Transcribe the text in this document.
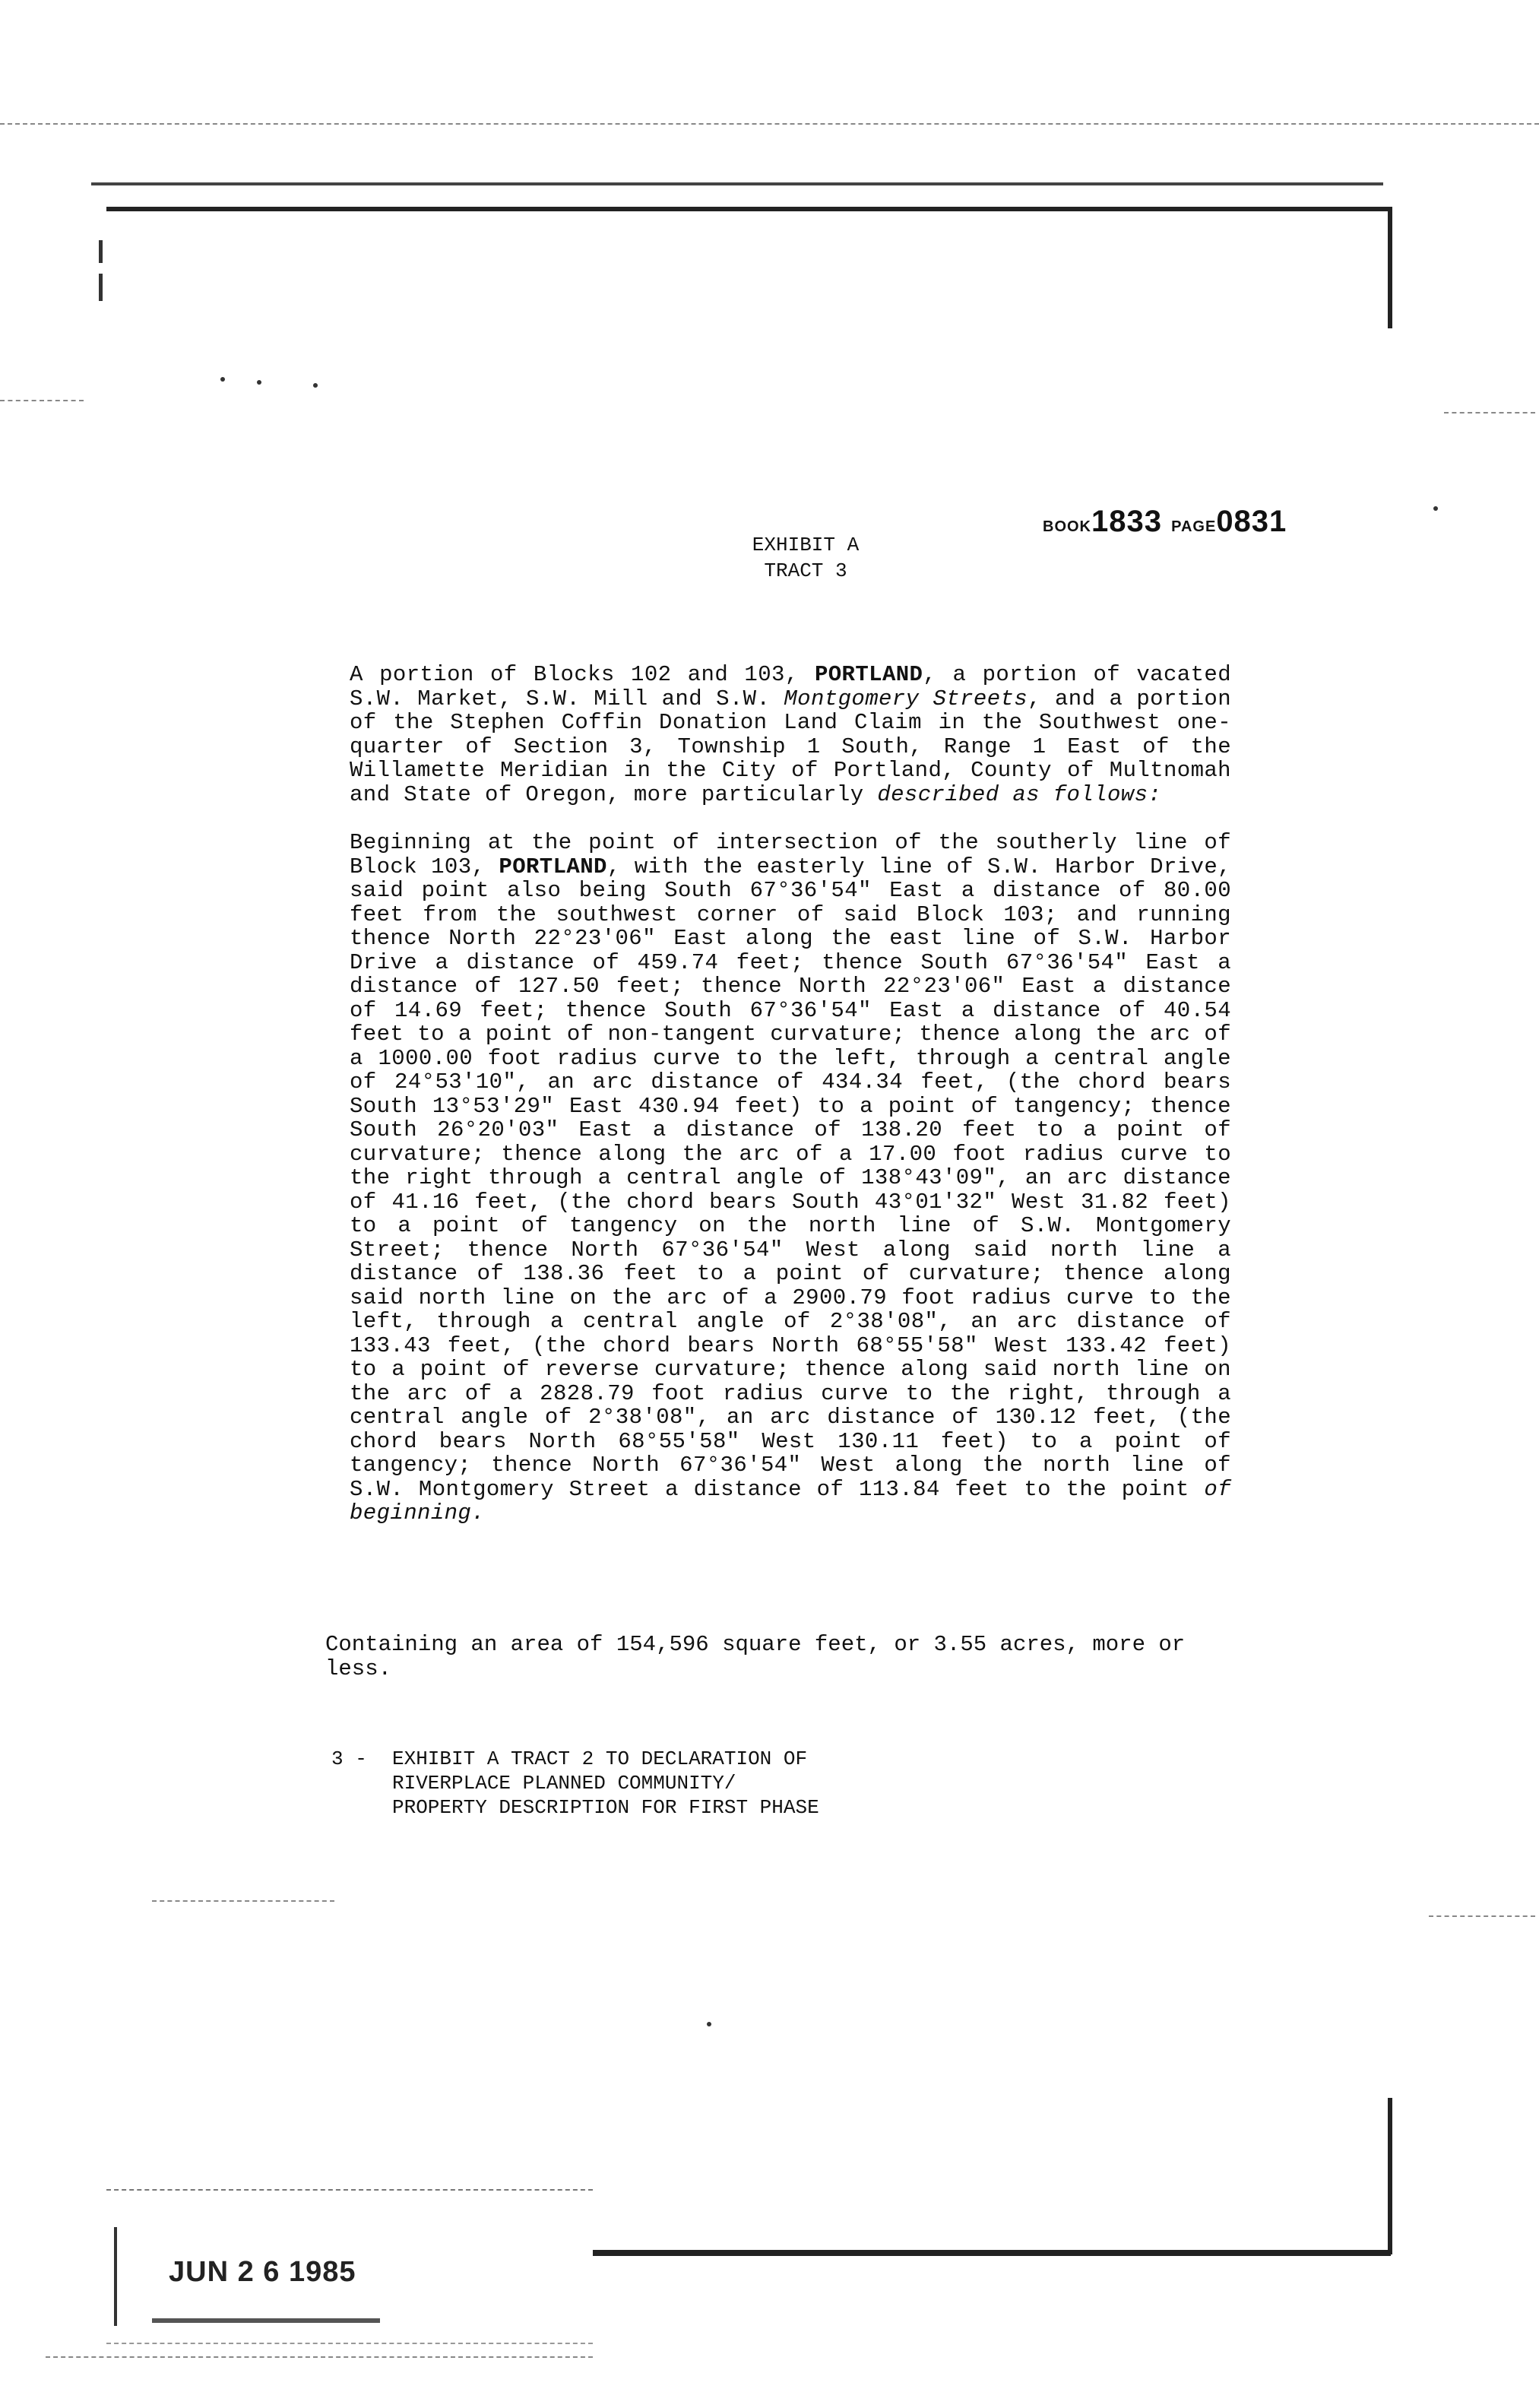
BOOK1833 PAGE0831
EXHIBIT A
TRACT 3

A portion of Blocks 102 and 103, PORTLAND, a portion of vacated S.W. Market, S.W. Mill and S.W. Montgomery Streets, and a portion of the Stephen Coffin Donation Land Claim in the Southwest one-quarter of Section 3, Township 1 South, Range 1 East of the Willamette Meridian in the City of Portland, County of Multnomah and State of Oregon, more particularly described as follows:

Beginning at the point of intersection of the southerly line of Block 103, PORTLAND, with the easterly line of S.W. Harbor Drive, said point also being South 67°36'54" East a distance of 80.00 feet from the southwest corner of said Block 103; and running thence North 22°23'06" East along the east line of S.W. Harbor Drive a distance of 459.74 feet; thence South 67°36'54" East a distance of 127.50 feet; thence North 22°23'06" East a distance of 14.69 feet; thence South 67°36'54" East a distance of 40.54 feet to a point of non-tangent curvature; thence along the arc of a 1000.00 foot radius curve to the left, through a central angle of 24°53'10", an arc distance of 434.34 feet, (the chord bears South 13°53'29" East 430.94 feet) to a point of tangency; thence South 26°20'03" East a distance of 138.20 feet to a point of curvature; thence along the arc of a 17.00 foot radius curve to the right through a central angle of 138°43'09", an arc distance of 41.16 feet, (the chord bears South 43°01'32" West 31.82 feet) to a point of tangency on the north line of S.W. Montgomery Street; thence North 67°36'54" West along said north line a distance of 138.36 feet to a point of curvature; thence along said north line on the arc of a 2900.79 foot radius curve to the left, through a central angle of 2°38'08", an arc distance of 133.43 feet, (the chord bears North 68°55'58" West 133.42 feet) to a point of reverse curvature; thence along said north line on the arc of a 2828.79 foot radius curve to the right, through a central angle of 2°38'08", an arc distance of 130.12 feet, (the chord bears North 68°55'58" West 130.11 feet) to a point of tangency; thence North 67°36'54" West along the north line of S.W. Montgomery Street a distance of 113.84 feet to the point of beginning.

Containing an area of 154,596 square feet, or 3.55 acres, more or less.
3 - EXHIBIT A TRACT 2 TO DECLARATION OF
RIVERPLACE PLANNED COMMUNITY/
PROPERTY DESCRIPTION FOR FIRST PHASE
JUN 2 6 1985
